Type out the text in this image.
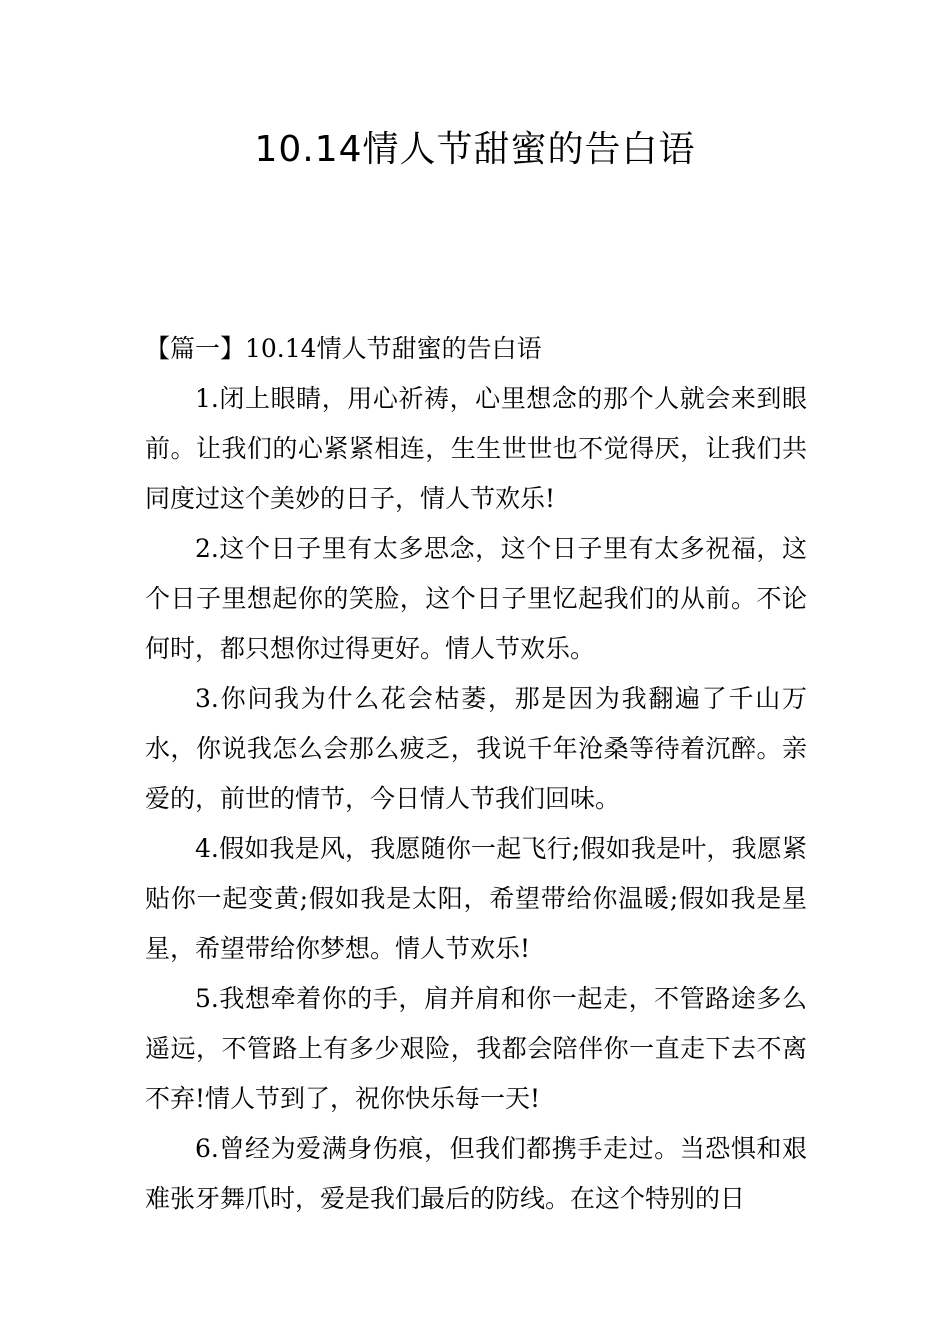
10.14情人节甜蜜的告白语
【篇一】10.14情人节甜蜜的告白语

1.闭上眼睛，用心祈祷，心里想念的那个人就会来到眼前。让我们的心紧紧相连，生生世世也不觉得厌，让我们共同度过这个美妙的日子，情人节欢乐!

2.这个日子里有太多思念，这个日子里有太多祝福，这个日子里想起你的笑脸，这个日子里忆起我们的从前。不论何时，都只想你过得更好。情人节欢乐。

3.你问我为什么花会枯萎，那是因为我翻遍了千山万水，你说我怎么会那么疲乏，我说千年沧桑等待着沉醉。亲爱的，前世的情节，今日情人节我们回味。

4.假如我是风，我愿随你一起飞行;假如我是叶，我愿紧贴你一起变黄;假如我是太阳，希望带给你温暖;假如我是星星，希望带给你梦想。情人节欢乐!

5.我想牵着你的手，肩并肩和你一起走，不管路途多么遥远，不管路上有多少艰险，我都会陪伴你一直走下去不离不弃!情人节到了，祝你快乐每一天!

6.曾经为爱满身伤痕，但我们都携手走过。当恐惧和艰难张牙舞爪时，爱是我们最后的防线。在这个特别的日
